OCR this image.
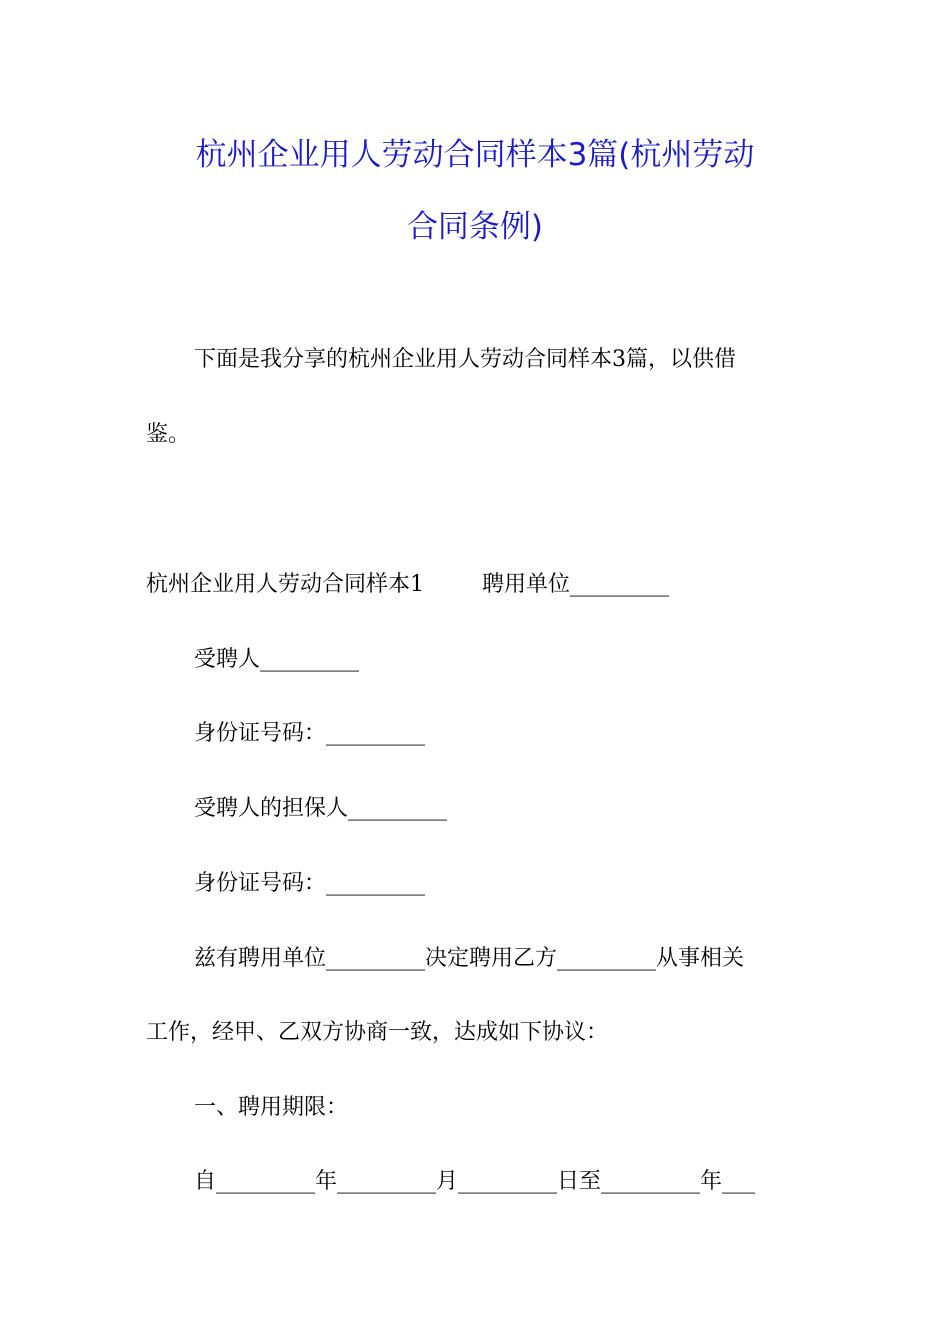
杭州企业用人劳动合同样本3篇(杭州劳动
合同条例)
下面是我分享的杭州企业用人劳动合同样本3篇，以供借
鉴。
杭州企业用人劳动合同样本1	聘用单位_________
受聘人_________
身份证号码：_________
受聘人的担保人_________
身份证号码：_________
兹有聘用单位_________决定聘用乙方_________从事相关
工作，经甲、乙双方协商一致，达成如下协议：
一、聘用期限：
自_________年_________月_________日至_________年___
